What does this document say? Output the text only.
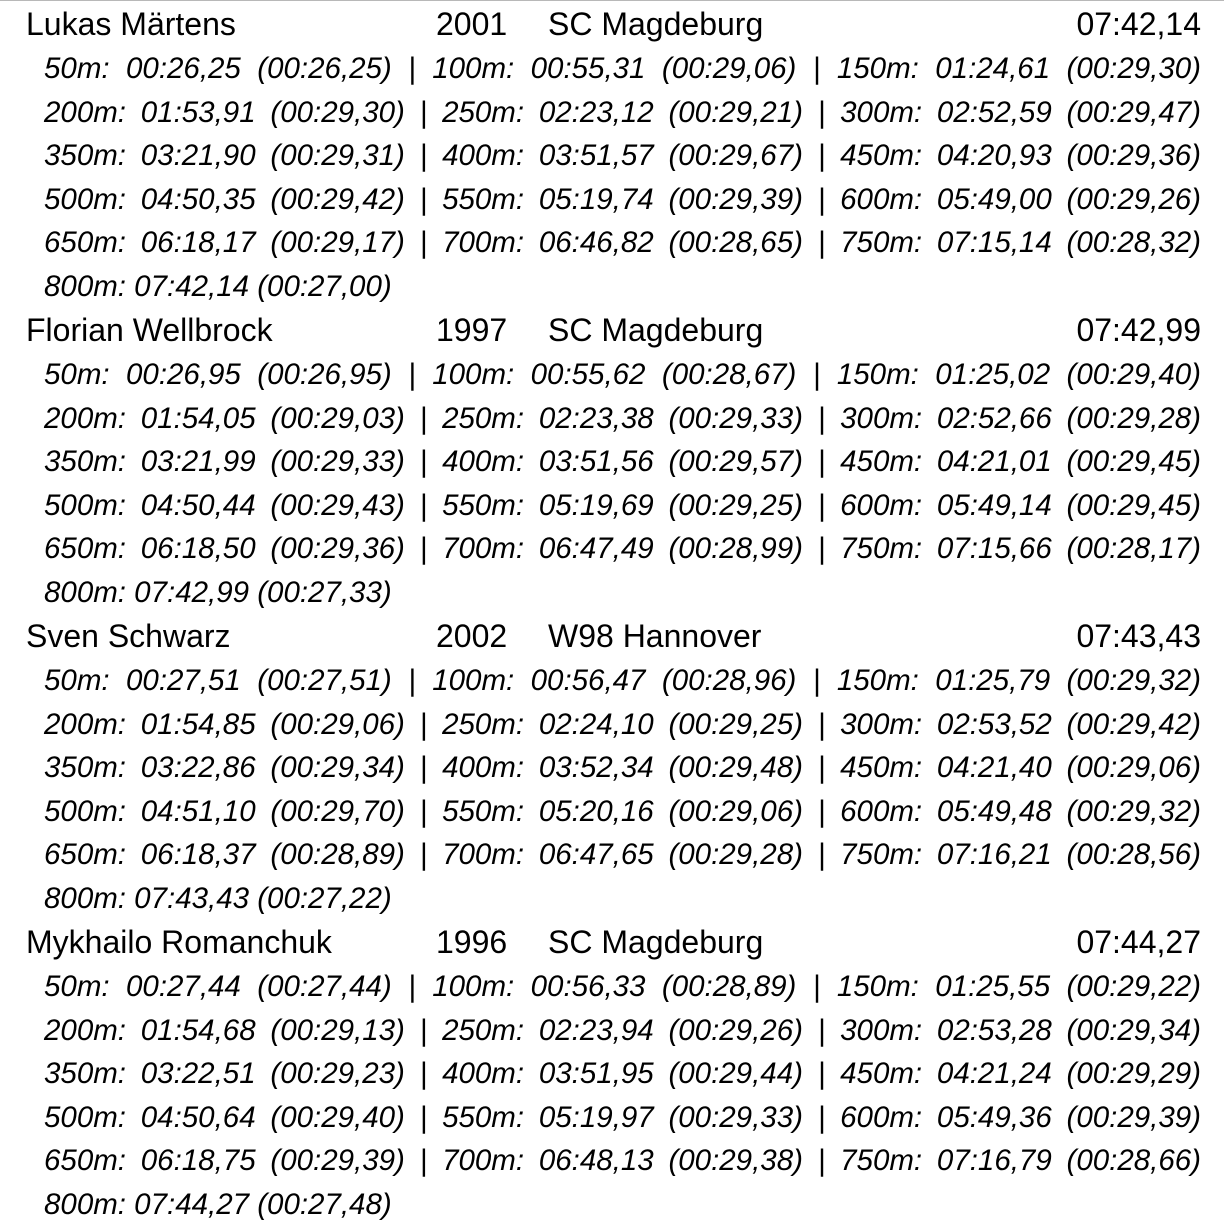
Lukas Märtens	2001 SC Magdeburg	07:42,14
50m: 00:26,25 (00:26,25) | 100m: 00:55,31 (00:29,06) | 150m: 01:24,61 (00:29,30)
200m: 01:53,91 (00:29,30) | 250m: 02:23,12 (00:29,21) | 300m: 02:52,59 (00:29,47)
350m: 03:21,90 (00:29,31) | 400m: 03:51,57 (00:29,67) | 450m: 04:20,93 (00:29,36)
500m: 04:50,35 (00:29,42) | 550m: 05:19,74 (00:29,39) | 600m: 05:49,00 (00:29,26)
650m: 06:18,17 (00:29,17) | 700m: 06:46,82 (00:28,65) | 750m: 07:15,14 (00:28,32)
800m: 07:42,14 (00:27,00)
Florian Wellbrock	1997 SC Magdeburg	07:42,99
50m: 00:26,95 (00:26,95) | 100m: 00:55,62 (00:28,67) | 150m: 01:25,02 (00:29,40)
200m: 01:54,05 (00:29,03) | 250m: 02:23,38 (00:29,33) | 300m: 02:52,66 (00:29,28)
350m: 03:21,99 (00:29,33) | 400m: 03:51,56 (00:29,57) | 450m: 04:21,01 (00:29,45)
500m: 04:50,44 (00:29,43) | 550m: 05:19,69 (00:29,25) | 600m: 05:49,14 (00:29,45)
650m: 06:18,50 (00:29,36) | 700m: 06:47,49 (00:28,99) | 750m: 07:15,66 (00:28,17)
800m: 07:42,99 (00:27,33)
Sven Schwarz	2002 W98 Hannover	07:43,43
50m: 00:27,51 (00:27,51) | 100m: 00:56,47 (00:28,96) | 150m: 01:25,79 (00:29,32)
200m: 01:54,85 (00:29,06) | 250m: 02:24,10 (00:29,25) | 300m: 02:53,52 (00:29,42)
350m: 03:22,86 (00:29,34) | 400m: 03:52,34 (00:29,48) | 450m: 04:21,40 (00:29,06)
500m: 04:51,10 (00:29,70) | 550m: 05:20,16 (00:29,06) | 600m: 05:49,48 (00:29,32)
650m: 06:18,37 (00:28,89) | 700m: 06:47,65 (00:29,28) | 750m: 07:16,21 (00:28,56)
800m: 07:43,43 (00:27,22)
Mykhailo Romanchuk	1996 SC Magdeburg	07:44,27
50m: 00:27,44 (00:27,44) | 100m: 00:56,33 (00:28,89) | 150m: 01:25,55 (00:29,22)
200m: 01:54,68 (00:29,13) | 250m: 02:23,94 (00:29,26) | 300m: 02:53,28 (00:29,34)
350m: 03:22,51 (00:29,23) | 400m: 03:51,95 (00:29,44) | 450m: 04:21,24 (00:29,29)
500m: 04:50,64 (00:29,40) | 550m: 05:19,97 (00:29,33) | 600m: 05:49,36 (00:29,39)
650m: 06:18,75 (00:29,39) | 700m: 06:48,13 (00:29,38) | 750m: 07:16,79 (00:28,66)
800m: 07:44,27 (00:27,48)
